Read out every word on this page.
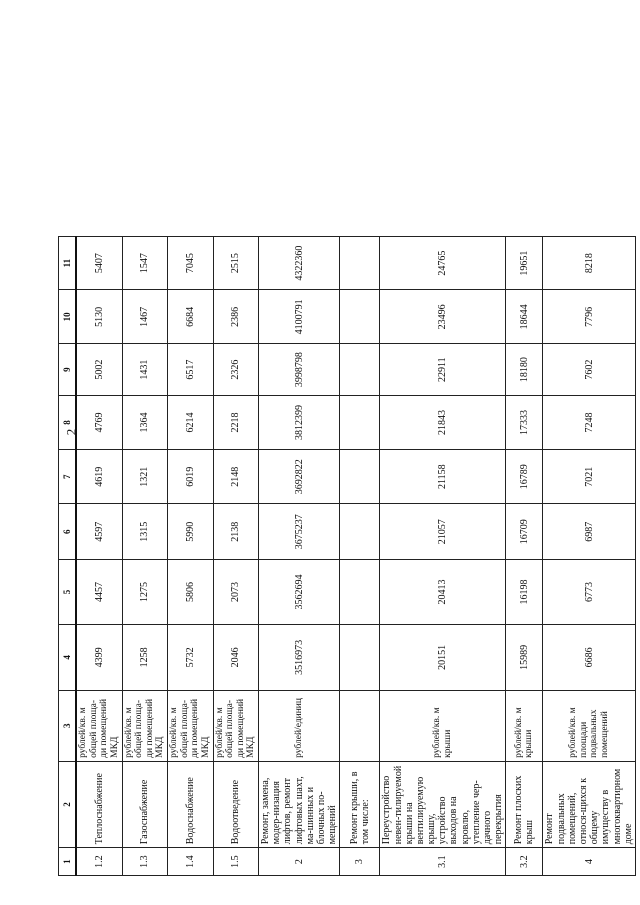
2
1	2	3	4	5	6	7	8	9	10	11
1.2	Теплоснабжение	рублей/кв. м общей площа-ди помещений МКД	4399	4457	4597	4619	4769	5002	5130	5407
1.3	Газоснабжение	рублей/кв. м общей площа-ди помещений МКД	1258	1275	1315	1321	1364	1431	1467	1547
1.4	Водоснабжение	рублей/кв. м общей площа-ди помещений МКД	5732	5806	5990	6019	6214	6517	6684	7045
1.5	Водоотведение	рублей/кв. м общей площа-ди помещений МКД	2046	2073	2138	2148	2218	2326	2386	2515
2	Ремонт, замена, модер-низация лифтов, ремонт лифтовых шахт, ма-шинных и блочных по-мещений	рублей/единиц	3516973	3562694	3675237	3692822	3812399	3998798	4100791	4322360
3	Ремонт крыши, в том числе:									
3.1	Переустройство невен-тилируемой крыши на вентилируемую крышу, устройство выходов на кровлю, утепление чер-дачного перекрытия	рублей/кв. м крыши	20151	20413	21057	21158	21843	22911	23496	24765
3.2	Ремонт плоских крыш	рублей/кв. м крыши	15989	16198	16709	16789	17333	18180	18644	19651
4	Ремонт подвальных помещений, относя-щихся к общему имуществу в многоквартирном доме	рублей/кв. м площади подвальных помещений	6686	6773	6987	7021	7248	7602	7796	8218
